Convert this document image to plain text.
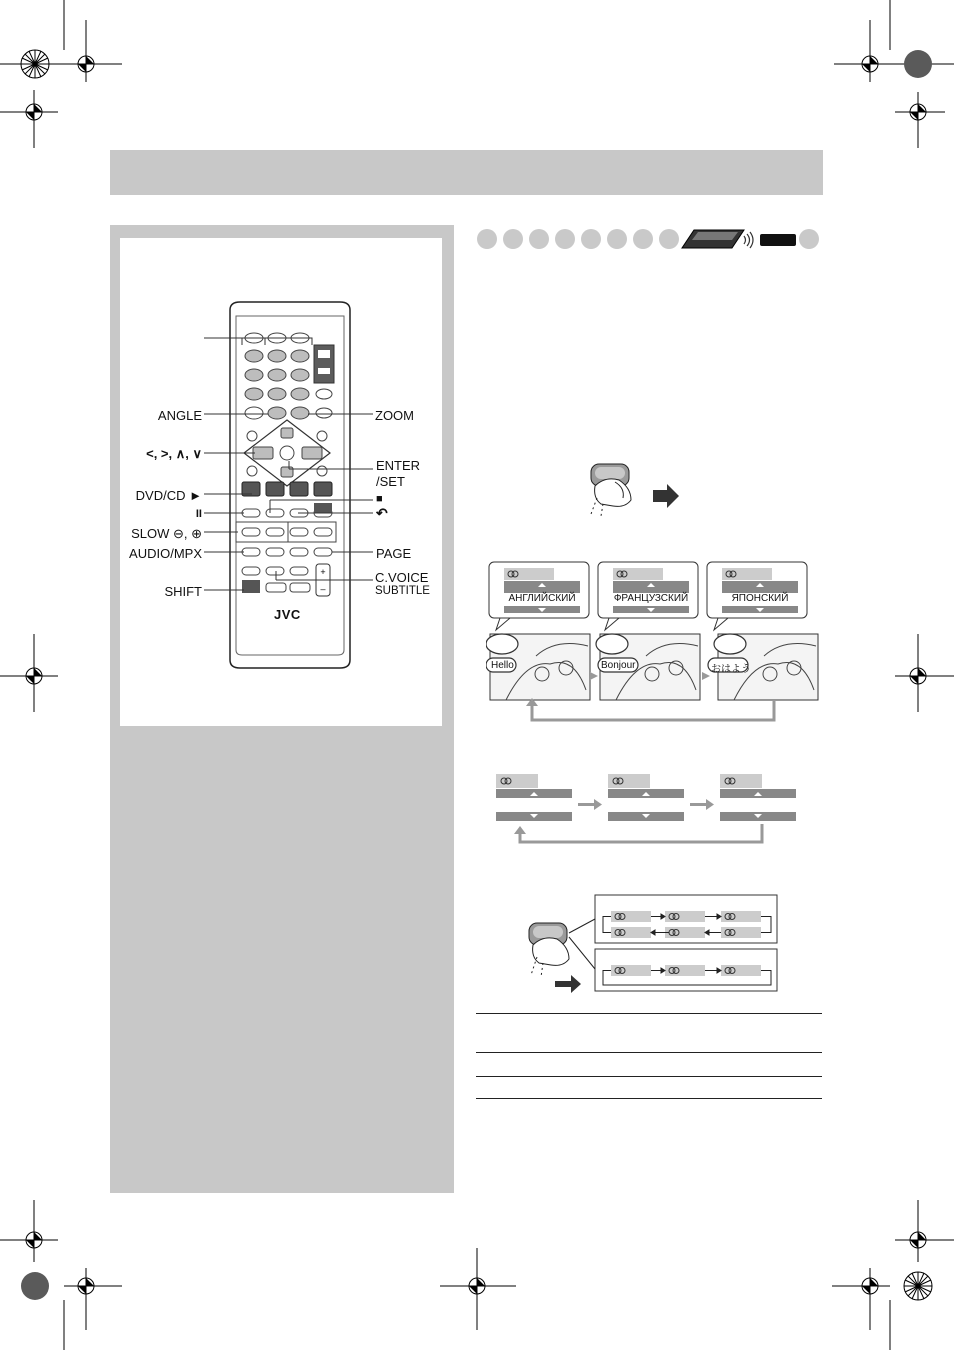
+
–
JVC
ANGLE	ZOOM
<, >, ∧, ∨
ENTER
/SET
DVD/CD ►	■
II	↶
SLOW ⊖, ⊕
AUDIO/MPX	PAGE
C.VOICE
SUBTITLE
SHIFT	АНГЛИЙСКИЙ	ФРАНЦУЗСКИЙ	ЯПОНСКИЙ
Hello	Bonjour	おはよう
